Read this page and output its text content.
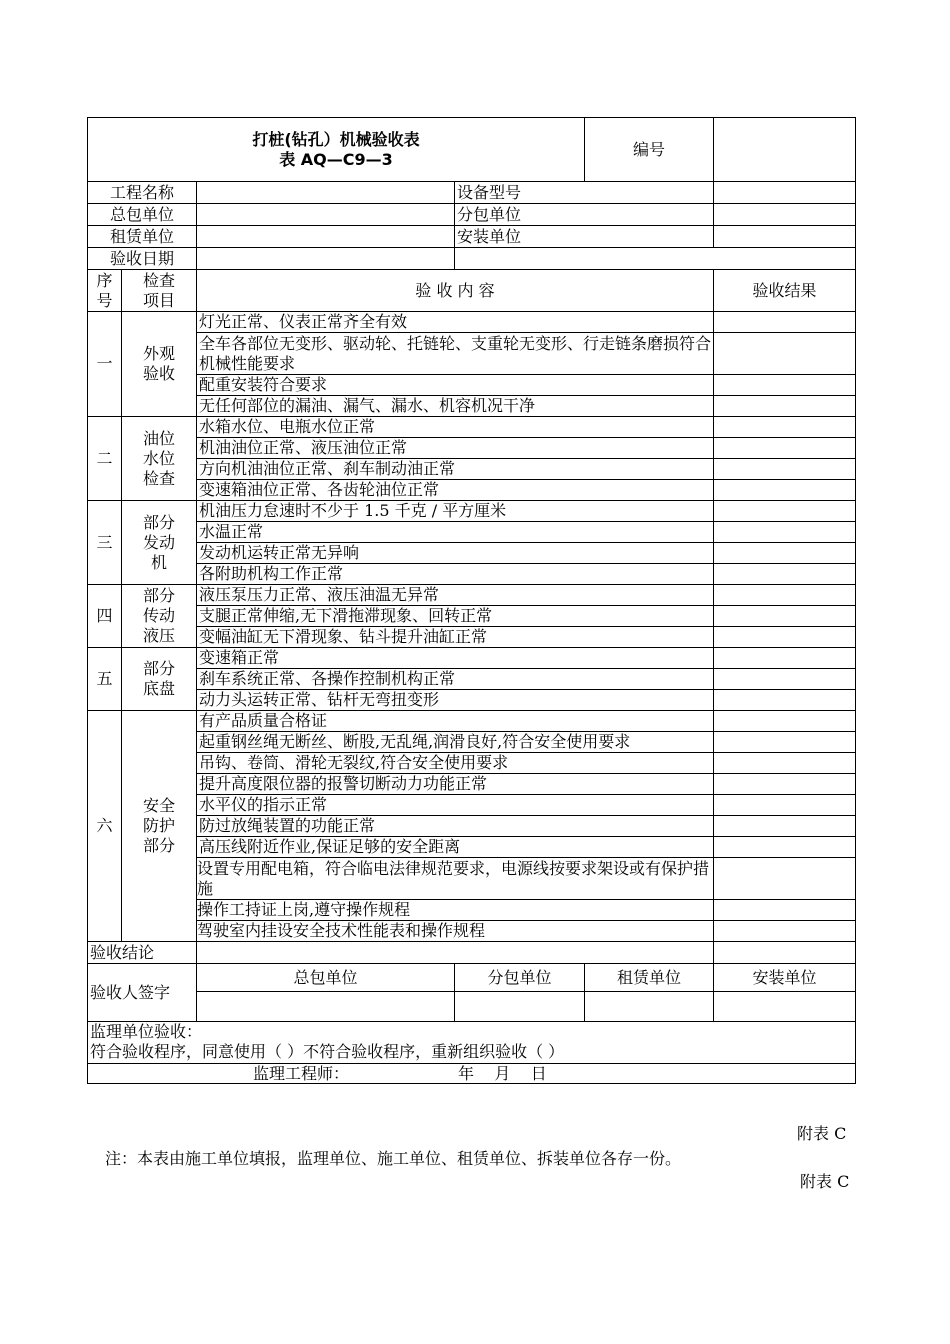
打桩(钻孔）机械验收表
表 AQ—C9—3				编号	
工程名称			设备型号		
总包单位			分包单位		
租赁单位			安装单位		
验收日期					
序号	检查项目	验 收 内 容			验收结果
一	外观验收	灯光正常、仪表正常齐全有效			
		全车各部位无变形、驱动轮、托链轮、支重轮无变形、行走链条磨损符合机械性能要求			
		配重安装符合要求			
		无任何部位的漏油、漏气、漏水、机容机况干净			
二	油位水位检查	水箱水位、电瓶水位正常			
		机油油位正常、液压油位正常			
		方向机油油位正常、刹车制动油正常			
		变速箱油位正常、各齿轮油位正常			
三	部分发动机	机油压力怠速时不少于 1.5 千克 / 平方厘米			
		水温正常			
		发动机运转正常无异响			
		各附助机构工作正常			
四	部分传动液压	液压泵压力正常、液压油温无异常			
		支腿正常伸缩,无下滑拖滞现象、回转正常			
		变幅油缸无下滑现象、钻斗提升油缸正常			
五	部分底盘	变速箱正常			
		刹车系统正常、各操作控制机构正常			
		动力头运转正常、钻杆无弯扭变形			
六	安全防护部分	有产品质量合格证			
		起重钢丝绳无断丝、断股,无乱绳,润滑良好,符合安全使用要求			
		吊钩、卷筒、滑轮无裂纹,符合安全使用要求			
		提升高度限位器的报警切断动力功能正常			
		水平仪的指示正常			
		防过放绳装置的功能正常			
		高压线附近作业,保证足够的安全距离			
		设置专用配电箱，符合临电法律规范要求，电源线按要求架设或有保护措施			
		操作工持证上岗,遵守操作规程			
		驾驶室内挂设安全技术性能表和操作规程			
验收结论					
验收人签字		总包单位	分包单位	租赁单位	安装单位

监理单位验收：
符合验收程序，同意使用（ ）不符合验收程序，重新组织验收（ ）					

监理工程师： 年    月    日					
附表 C
注：本表由施工单位填报，监理单位、施工单位、租赁单位、拆装单位各存一份。
附表 C
